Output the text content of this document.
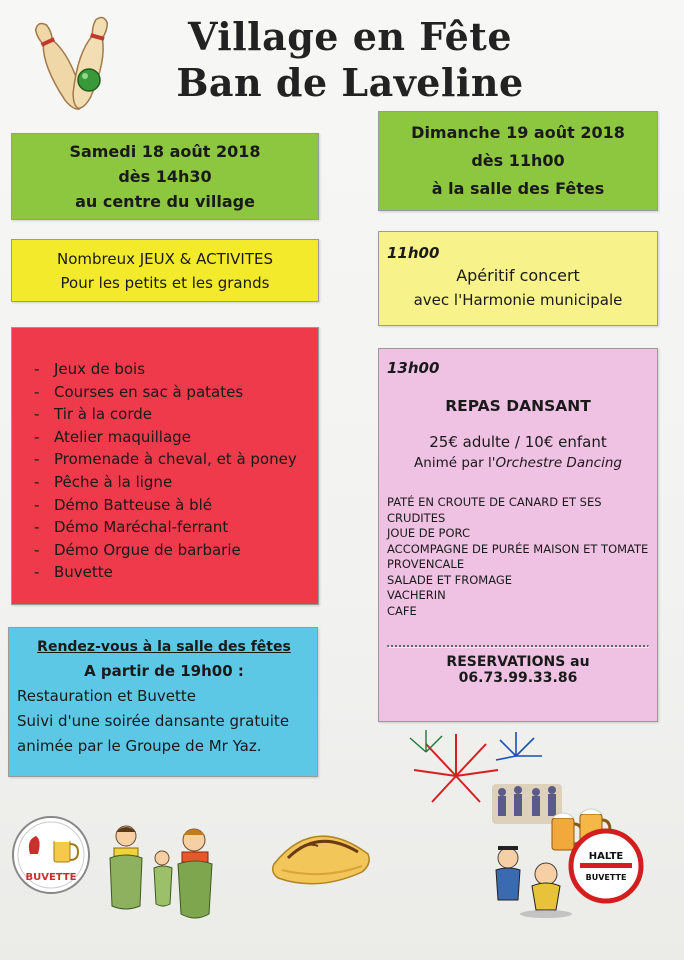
Village en Fête
Ban de Laveline
Samedi 18 août 2018
dès 14h30
au centre du village
Dimanche 19 août 2018
dès 11h00
à la salle des Fêtes
Nombreux JEUX & ACTIVITES
Pour les petits et les grands
11h00
Apéritif concert
avec l'Harmonie municipale
- Jeux de bois
- Courses en sac à patates
- Tir à la corde
- Atelier maquillage
- Promenade à cheval, et à poney
- Pêche à la ligne
- Démo Batteuse à blé
- Démo Maréchal-ferrant
- Démo Orgue de barbarie
- Buvette
13h00
REPAS DANSANT
25€ adulte / 10€ enfant
Animé par l'Orchestre Dancing
PATÉ EN CROUTE DE CANARD ET SES CRUDITES
JOUE DE PORC
ACCOMPAGNE DE PURÉE MAISON ET TOMATE
PROVENCALE
SALADE ET FROMAGE
VACHERIN
CAFE
RESERVATIONS au 06.73.99.33.86
Rendez-vous à la salle des fêtes
A partir de 19h00 :
Restauration et Buvette
Suivi d'une soirée dansante gratuite
animée par le Groupe de Mr Yaz.
BUVETTE
HALTE
BUVETTE
